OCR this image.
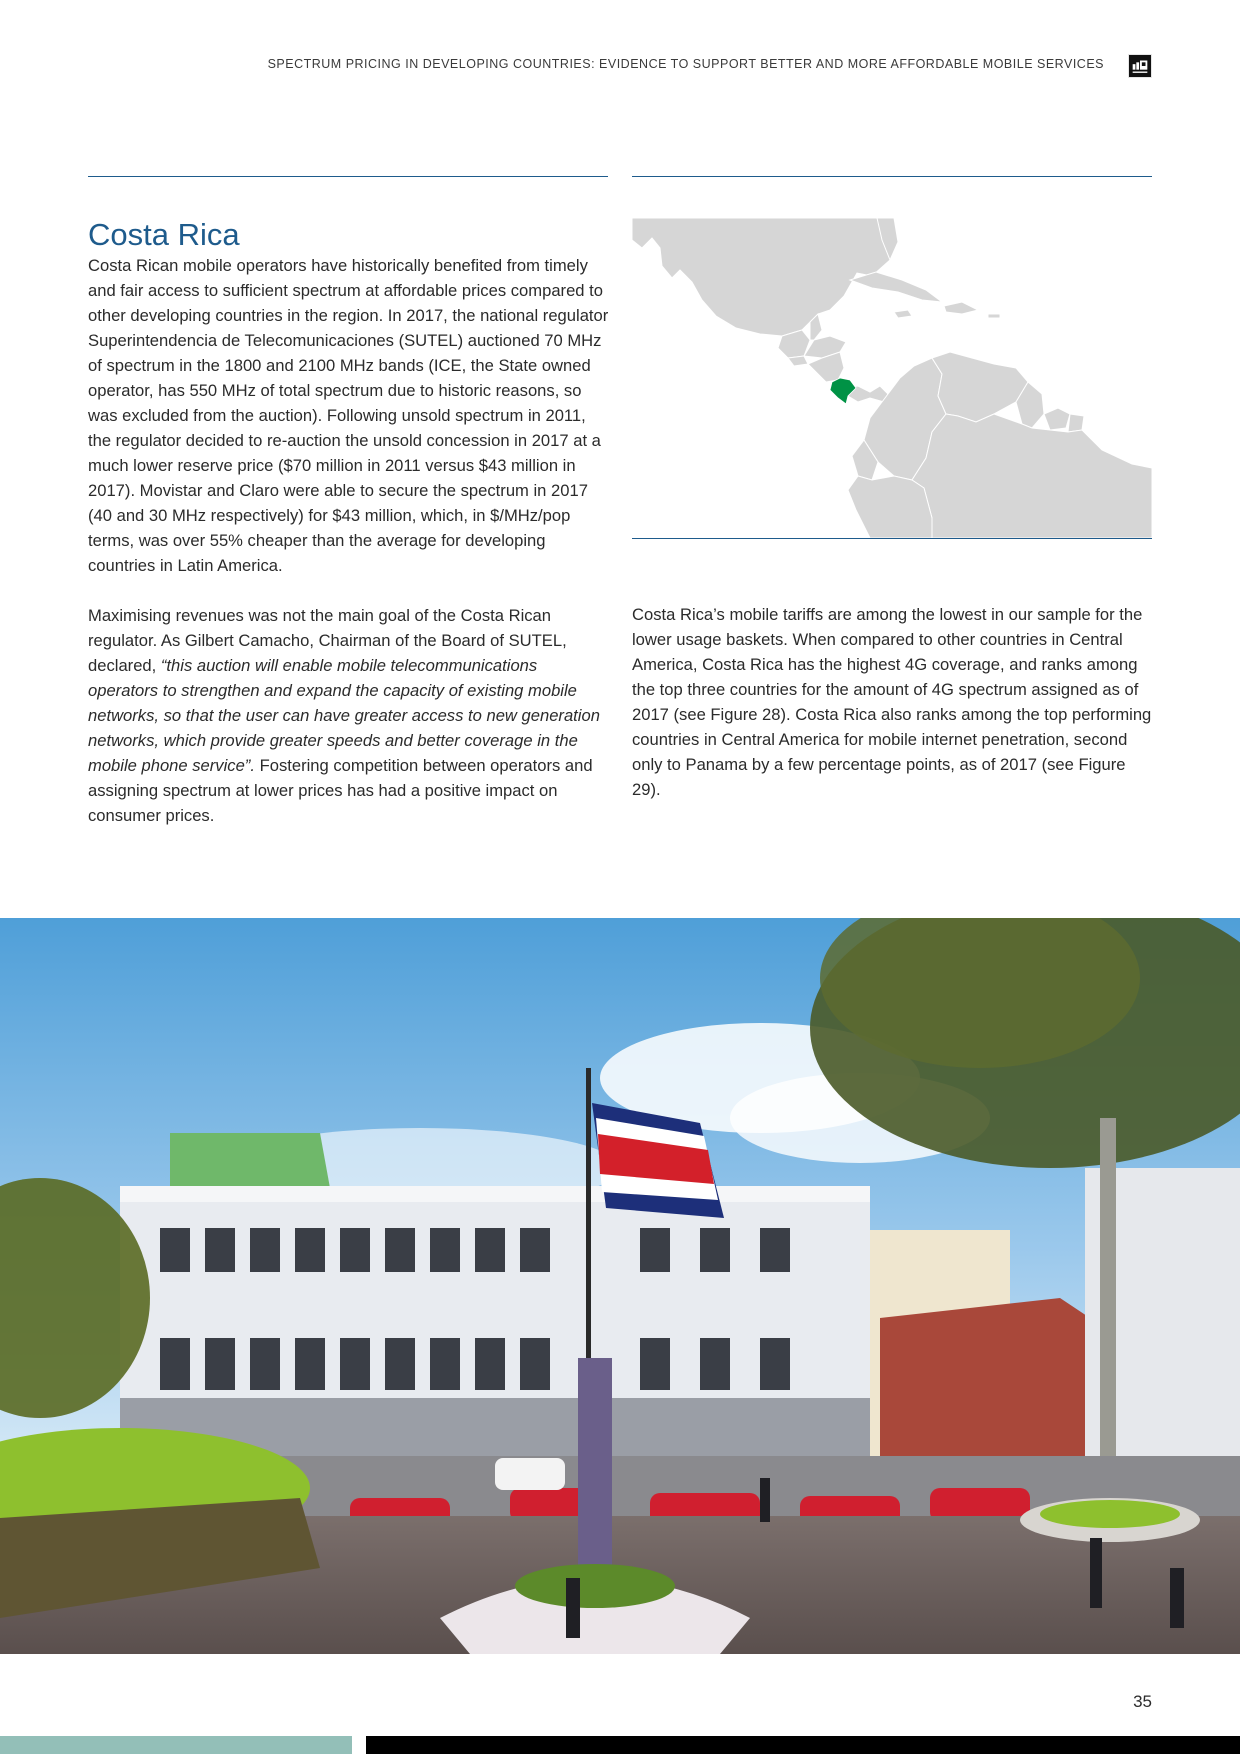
SPECTRUM PRICING IN DEVELOPING COUNTRIES: EVIDENCE TO SUPPORT BETTER AND MORE AFFORDABLE MOBILE SERVICES
Costa Rica

Costa Rican mobile operators have historically benefited from timely and fair access to sufficient spectrum at affordable prices compared to other developing countries in the region. In 2017, the national regulator Superintendencia de Telecomunicaciones (SUTEL) auctioned 70 MHz of spectrum in the 1800 and 2100 MHz bands (ICE, the State owned operator, has 550 MHz of total spectrum due to historic reasons, so was excluded from the auction). Following unsold spectrum in 2011, the regulator decided to re-auction the unsold concession in 2017 at a much lower reserve price ($70 million in 2011 versus $43 million in 2017). Movistar and Claro were able to secure the spectrum in 2017 (40 and 30 MHz respectively) for $43 million, which, in $/MHz/pop terms, was over 55% cheaper than the average for developing countries in Latin America.

Maximising revenues was not the main goal of the Costa Rican regulator. As Gilbert Camacho, Chairman of the Board of SUTEL, declared, “this auction will enable mobile telecommunications operators to strengthen and expand the capacity of existing mobile networks, so that the user can have greater access to new generation networks, which provide greater speeds and better coverage in the mobile phone service”. Fostering competition between operators and assigning spectrum at lower prices has had a positive impact on consumer prices.

Costa Rica’s mobile tariffs are among the lowest in our sample for the lower usage baskets. When compared to other countries in Central America, Costa Rica has the highest 4G coverage, and ranks among the top three countries for the amount of 4G spectrum assigned as of 2017 (see Figure 28). Costa Rica also ranks among the top performing countries in Central America for mobile internet penetration, second only to Panama by a few percentage points, as of 2017 (see Figure 29).

35
